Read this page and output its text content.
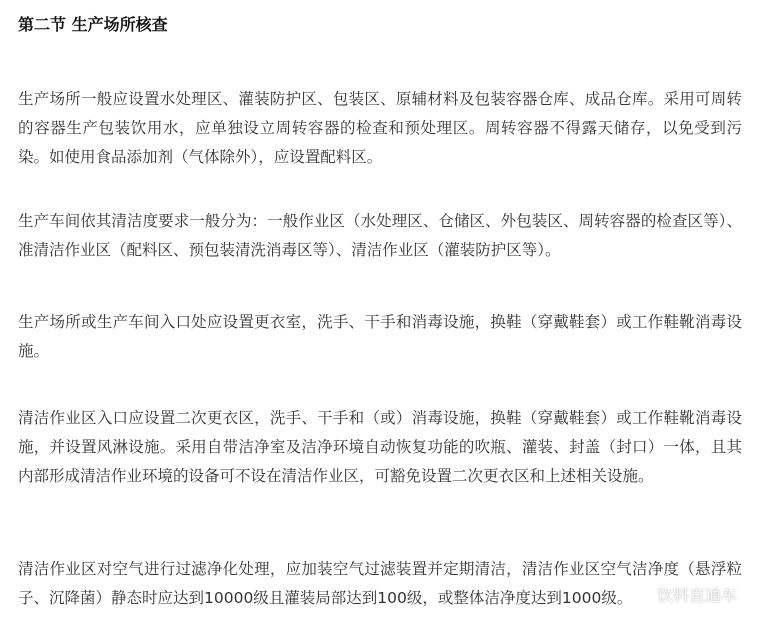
第二节 生产场所核查

生产场所一般应设置水处理区、灌装防护区、包装区、原辅材料及包装容器仓库、成品仓库。采用可周转的容器生产包装饮用水，应单独设立周转容器的检查和预处理区。周转容器不得露天储存，以免受到污染。如使用食品添加剂（气体除外），应设置配料区。

生产车间依其清洁度要求一般分为：一般作业区（水处理区、仓储区、外包装区、周转容器的检查区等）、准清洁作业区（配料区、预包装清洗消毒区等）、清洁作业区（灌装防护区等）。

生产场所或生产车间入口处应设置更衣室，洗手、干手和消毒设施，换鞋（穿戴鞋套）或工作鞋靴消毒设施。

清洁作业区入口应设置二次更衣区，洗手、干手和（或）消毒设施，换鞋（穿戴鞋套）或工作鞋靴消毒设施，并设置风淋设施。采用自带洁净室及洁净环境自动恢复功能的吹瓶、灌装、封盖（封口）一体，且其内部形成清洁作业环境的设备可不设在清洁作业区，可豁免设置二次更衣区和上述相关设施。

清洁作业区对空气进行过滤净化处理，应加装空气过滤装置并定期清洁，清洁作业区空气洁净度（悬浮粒子、沉降菌）静态时应达到10000级且灌装局部达到100级，或整体洁净度达到1000级。	饮料直通车
